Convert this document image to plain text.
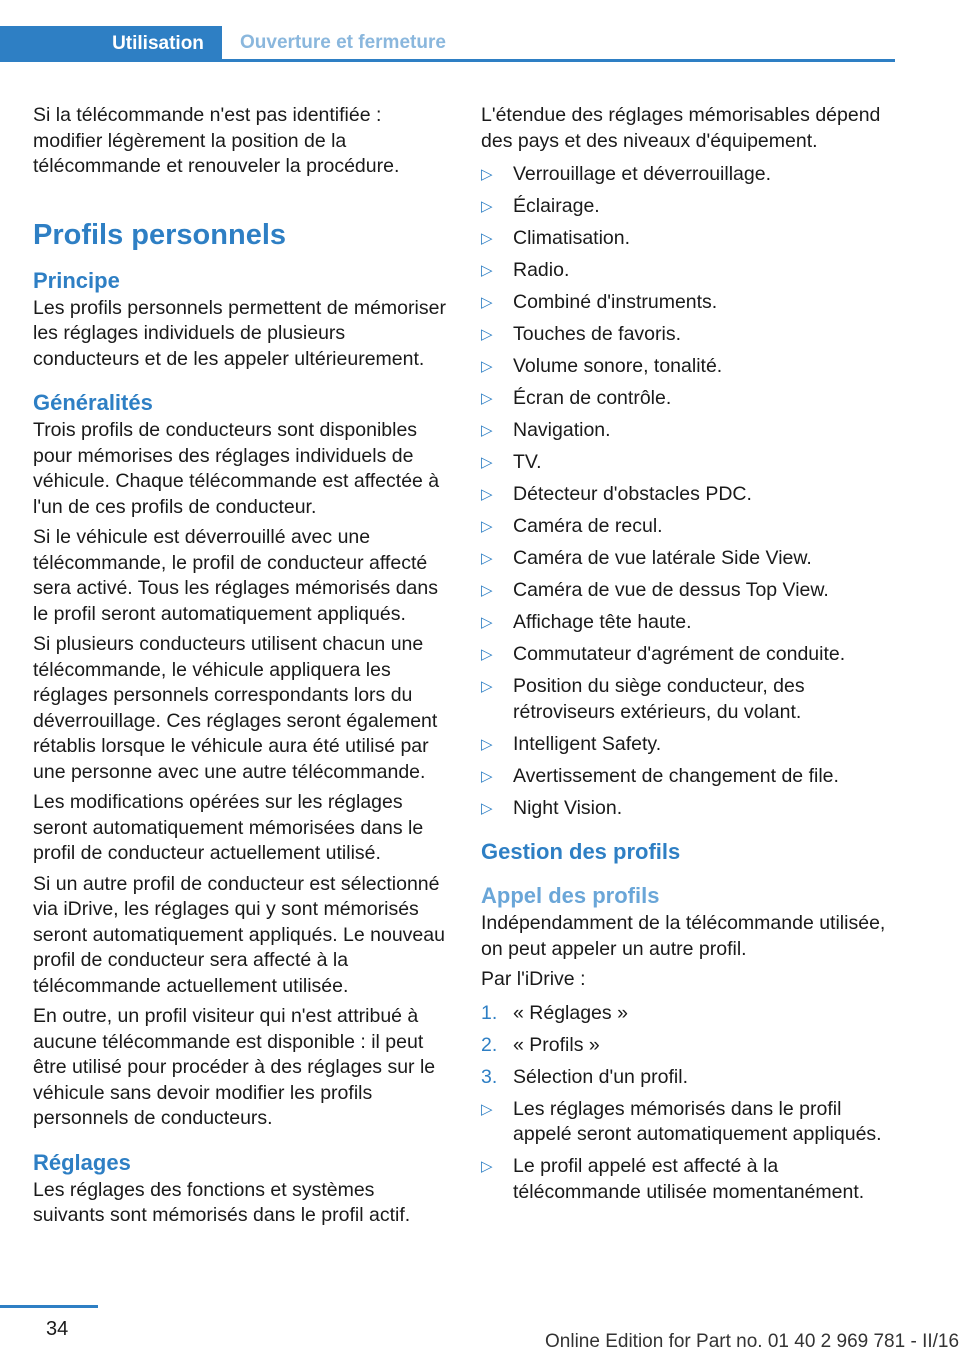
Utilisation	Ouverture et fermeture

Si la télécommande n'est pas identifiée : modifier légèrement la position de la télécommande et renouveler la procédure.

Profils personnels
Principe

Les profils personnels permettent de mémoriser les réglages individuels de plusieurs conducteurs et de les appeler ultérieurement.

Généralités

Trois profils de conducteurs sont disponibles pour mémorises des réglages individuels de véhicule. Chaque télécommande est affectée à l'un de ces profils de conducteur.

Si le véhicule est déverrouillé avec une télécommande, le profil de conducteur affecté sera activé. Tous les réglages mémorisés dans le profil seront automatiquement appliqués.

Si plusieurs conducteurs utilisent chacun une télécommande, le véhicule appliquera les réglages personnels correspondants lors du déverrouillage. Ces réglages seront également rétablis lorsque le véhicule aura été utilisé par une personne avec une autre télécommande.

Les modifications opérées sur les réglages seront automatiquement mémorisées dans le profil de conducteur actuellement utilisé.

Si un autre profil de conducteur est sélectionné via iDrive, les réglages qui y sont mémorisés seront automatiquement appliqués. Le nouveau profil de conducteur sera affecté à la télécommande actuellement utilisée.

En outre, un profil visiteur qui n'est attribué à aucune télécommande est disponible : il peut être utilisé pour procéder à des réglages sur le véhicule sans devoir modifier les profils personnels de conducteurs.

Réglages

Les réglages des fonctions et systèmes suivants sont mémorisés dans le profil actif.

L'étendue des réglages mémorisables dépend des pays et des niveaux d'équipement.

▷	Verrouillage et déverrouillage.
▷	Éclairage.
▷	Climatisation.
▷	Radio.
▷	Combiné d'instruments.
▷	Touches de favoris.
▷	Volume sonore, tonalité.
▷	Écran de contrôle.
▷	Navigation.
▷	TV.
▷	Détecteur d'obstacles PDC.
▷	Caméra de recul.
▷	Caméra de vue latérale Side View.
▷	Caméra de vue de dessus Top View.
▷	Affichage tête haute.
▷	Commutateur d'agrément de conduite.
▷	Position du siège conducteur, des rétroviseurs extérieurs, du volant.
▷	Intelligent Safety.
▷	Avertissement de changement de file.
▷	Night Vision.
Gestion des profils
Appel des profils

Indépendamment de la télécommande utilisée, on peut appeler un autre profil.

Par l'iDrive :

1. « Réglages »
2. « Profils »
3. Sélection d'un profil.
▷	Les réglages mémorisés dans le profil appelé seront automatiquement appliqués.
▷	Le profil appelé est affecté à la télécommande utilisée momentanément.
34
Online Edition for Part no. 01 40 2 969 781 - II/16
